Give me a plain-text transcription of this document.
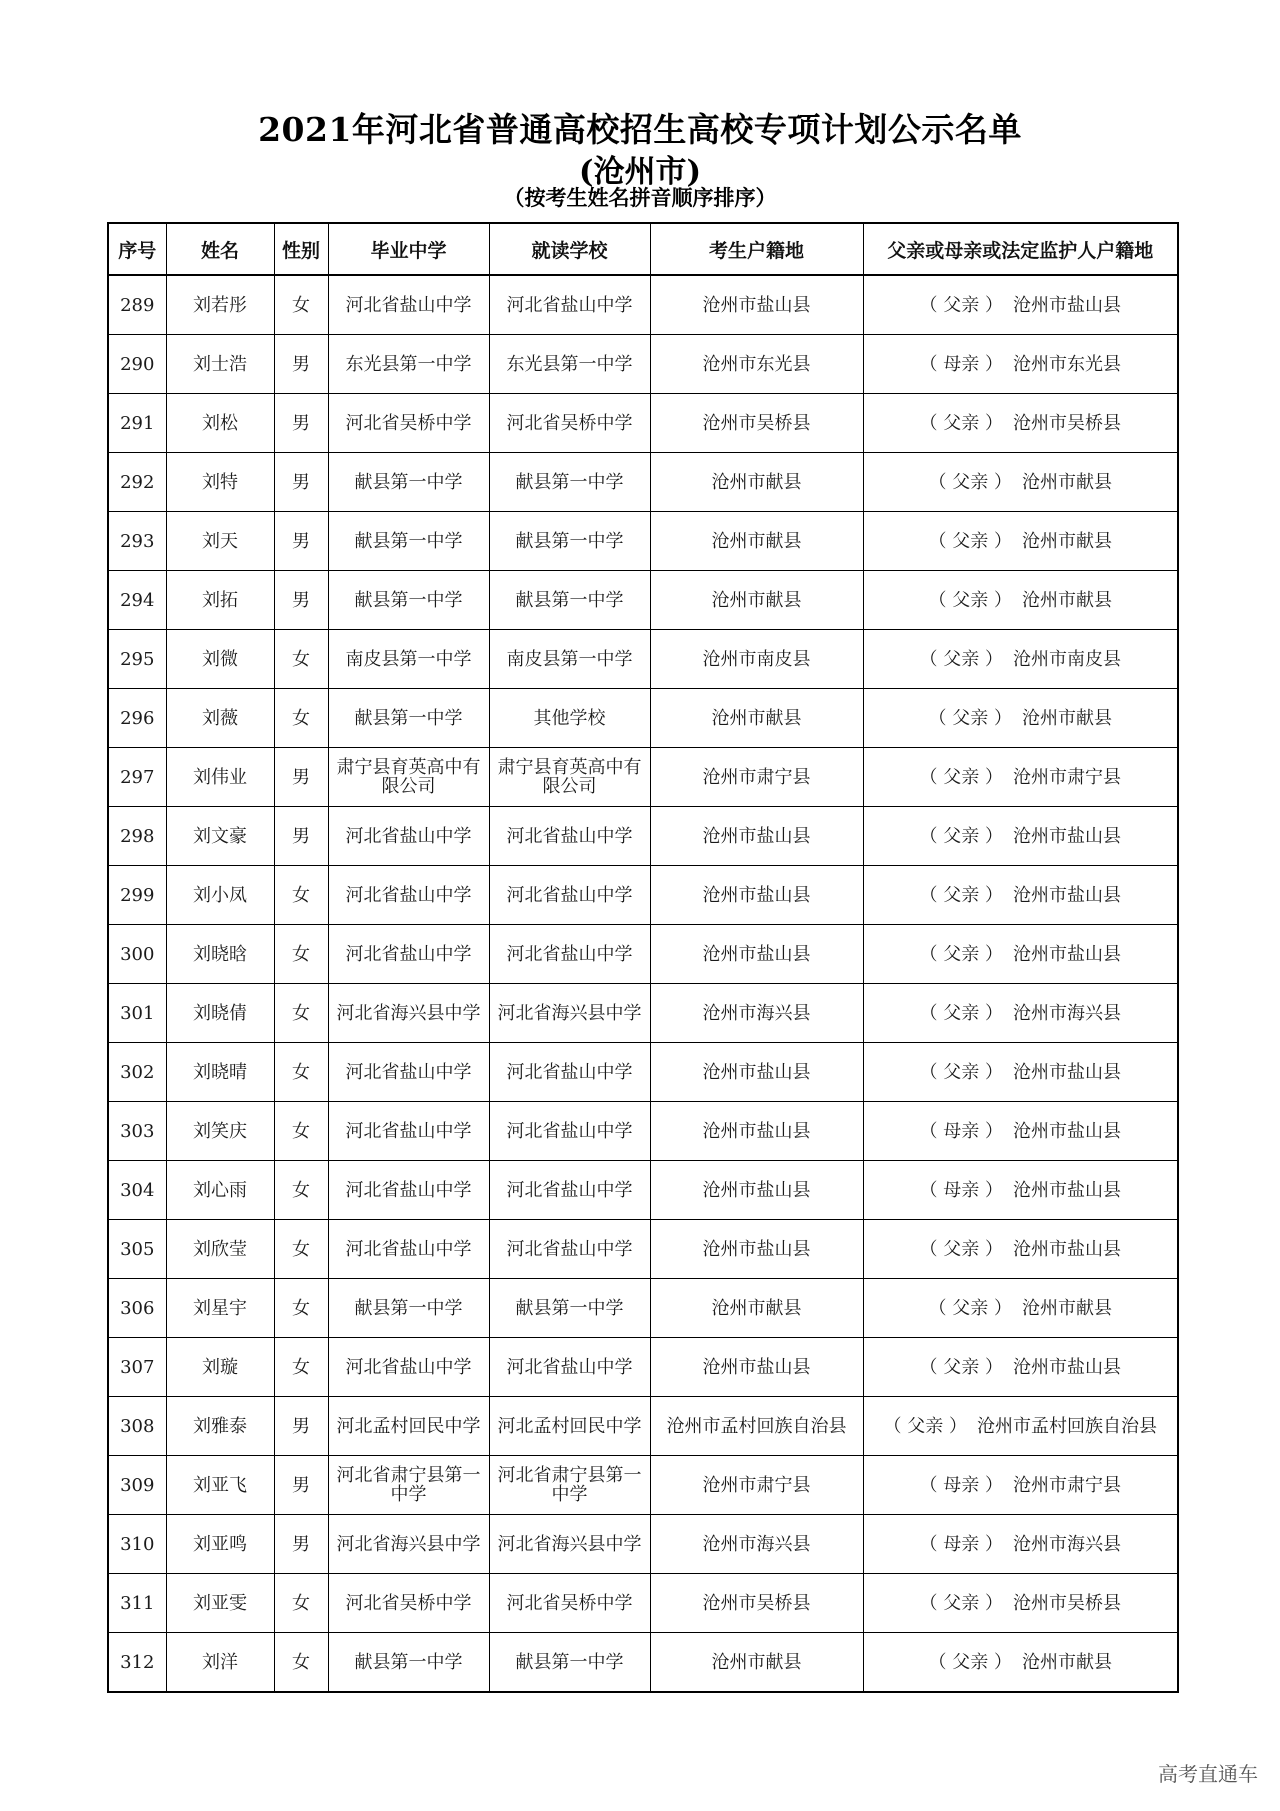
2021年河北省普通高校招生高校专项计划公示名单
(沧州市)
（按考生姓名拼音顺序排序）
序号	姓名	性别	毕业中学	就读学校	考生户籍地	父亲或母亲或法定监护人户籍地
289	刘若彤	女	河北省盐山中学	河北省盐山中学	沧州市盐山县	（ 父亲 ） 沧州市盐山县
290	刘士浩	男	东光县第一中学	东光县第一中学	沧州市东光县	（ 母亲 ） 沧州市东光县
291	刘松	男	河北省吴桥中学	河北省吴桥中学	沧州市吴桥县	（ 父亲 ） 沧州市吴桥县
292	刘特	男	献县第一中学	献县第一中学	沧州市献县	（ 父亲 ） 沧州市献县
293	刘天	男	献县第一中学	献县第一中学	沧州市献县	（ 父亲 ） 沧州市献县
294	刘拓	男	献县第一中学	献县第一中学	沧州市献县	（ 父亲 ） 沧州市献县
295	刘微	女	南皮县第一中学	南皮县第一中学	沧州市南皮县	（ 父亲 ） 沧州市南皮县
296	刘薇	女	献县第一中学	其他学校	沧州市献县	（ 父亲 ） 沧州市献县
297	刘伟业	男	肃宁县育英高中有限公司	肃宁县育英高中有限公司	沧州市肃宁县	（ 父亲 ） 沧州市肃宁县
298	刘文豪	男	河北省盐山中学	河北省盐山中学	沧州市盐山县	（ 父亲 ） 沧州市盐山县
299	刘小凤	女	河北省盐山中学	河北省盐山中学	沧州市盐山县	（ 父亲 ） 沧州市盐山县
300	刘晓晗	女	河北省盐山中学	河北省盐山中学	沧州市盐山县	（ 父亲 ） 沧州市盐山县
301	刘晓倩	女	河北省海兴县中学	河北省海兴县中学	沧州市海兴县	（ 父亲 ） 沧州市海兴县
302	刘晓晴	女	河北省盐山中学	河北省盐山中学	沧州市盐山县	（ 父亲 ） 沧州市盐山县
303	刘笑庆	女	河北省盐山中学	河北省盐山中学	沧州市盐山县	（ 母亲 ） 沧州市盐山县
304	刘心雨	女	河北省盐山中学	河北省盐山中学	沧州市盐山县	（ 母亲 ） 沧州市盐山县
305	刘欣莹	女	河北省盐山中学	河北省盐山中学	沧州市盐山县	（ 父亲 ） 沧州市盐山县
306	刘星宇	女	献县第一中学	献县第一中学	沧州市献县	（ 父亲 ） 沧州市献县
307	刘璇	女	河北省盐山中学	河北省盐山中学	沧州市盐山县	（ 父亲 ） 沧州市盐山县
308	刘雅泰	男	河北孟村回民中学	河北孟村回民中学	沧州市孟村回族自治县	（ 父亲 ） 沧州市孟村回族自治县
309	刘亚飞	男	河北省肃宁县第一中学	河北省肃宁县第一中学	沧州市肃宁县	（ 母亲 ） 沧州市肃宁县
310	刘亚鸣	男	河北省海兴县中学	河北省海兴县中学	沧州市海兴县	（ 母亲 ） 沧州市海兴县
311	刘亚雯	女	河北省吴桥中学	河北省吴桥中学	沧州市吴桥县	（ 父亲 ） 沧州市吴桥县
312	刘洋	女	献县第一中学	献县第一中学	沧州市献县	（ 父亲 ） 沧州市献县
高考直通车
